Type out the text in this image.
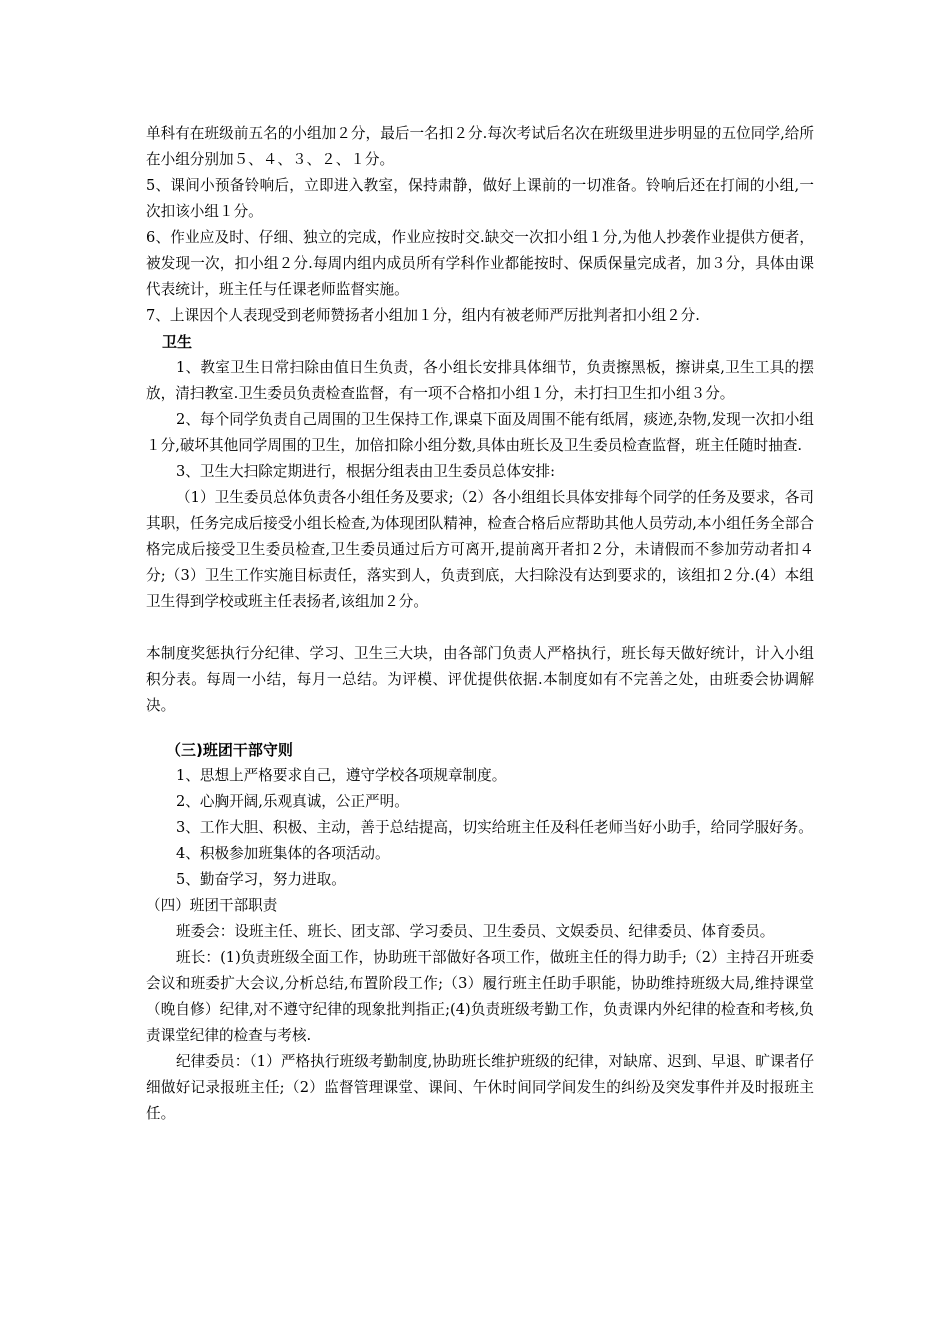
单科有在班级前五名的小组加２分，最后一名扣２分.每次考试后名次在班级里进步明显的五位同学,给所在小组分别加５、４、３、２、１分。

5、课间小预备铃响后，立即进入教室，保持肃静，做好上课前的一切准备。铃响后还在打闹的小组,一次扣该小组１分。

6、作业应及时、仔细、独立的完成，作业应按时交.缺交一次扣小组１分,为他人抄袭作业提供方便者，被发现一次，扣小组２分.每周内组内成员所有学科作业都能按时、保质保量完成者，加３分，具体由课代表统计，班主任与任课老师监督实施。

7、上课因个人表现受到老师赞扬者小组加１分，组内有被老师严厉批判者扣小组２分.

卫生

1、教室卫生日常扫除由值日生负责，各小组长安排具体细节，负责擦黑板，擦讲桌,卫生工具的摆放，清扫教室.卫生委员负责检查监督，有一项不合格扣小组１分，未打扫卫生扣小组３分。

2、每个同学负责自己周围的卫生保持工作,课桌下面及周围不能有纸屑，痰迹,杂物,发现一次扣小组１分,破坏其他同学周围的卫生，加倍扣除小组分数,具体由班长及卫生委员检查监督，班主任随时抽查.

3、卫生大扫除定期进行，根据分组表由卫生委员总体安排:

（1）卫生委员总体负责各小组任务及要求;（2）各小组组长具体安排每个同学的任务及要求，各司其职，任务完成后接受小组长检查,为体现团队精神，检查合格后应帮助其他人员劳动,本小组任务全部合格完成后接受卫生委员检查,卫生委员通过后方可离开,提前离开者扣２分，未请假而不参加劳动者扣４分;（3）卫生工作实施目标责任，落实到人，负责到底，大扫除没有达到要求的，该组扣２分.(4）本组卫生得到学校或班主任表扬者,该组加２分。

本制度奖惩执行分纪律、学习、卫生三大块，由各部门负责人严格执行，班长每天做好统计，计入小组积分表。每周一小结，每月一总结。为评模、评优提供依据.本制度如有不完善之处，由班委会协调解决。

（三)班团干部守则

1、思想上严格要求自己，遵守学校各项规章制度。

2、心胸开阔,乐观真诚，公正严明。

3、工作大胆、积极、主动，善于总结提高，切实给班主任及科任老师当好小助手，给同学服好务。

4、积极参加班集体的各项活动。

5、勤奋学习，努力进取。

（四）班团干部职责

班委会：设班主任、班长、团支部、学习委员、卫生委员、文娱委员、纪律委员、体育委员。

班长：(1)负责班级全面工作，协助班干部做好各项工作，做班主任的得力助手;（2）主持召开班委会议和班委扩大会议,分析总结,布置阶段工作;（3）履行班主任助手职能，协助维持班级大局,维持课堂（晚自修）纪律,对不遵守纪律的现象批判指正;(4)负责班级考勤工作，负责课内外纪律的检查和考核,负责课堂纪律的检查与考核.

纪律委员：（1）严格执行班级考勤制度,协助班长维护班级的纪律，对缺席、迟到、早退、旷课者仔细做好记录报班主任;（2）监督管理课堂、课间、午休时间同学间发生的纠纷及突发事件并及时报班主任。
